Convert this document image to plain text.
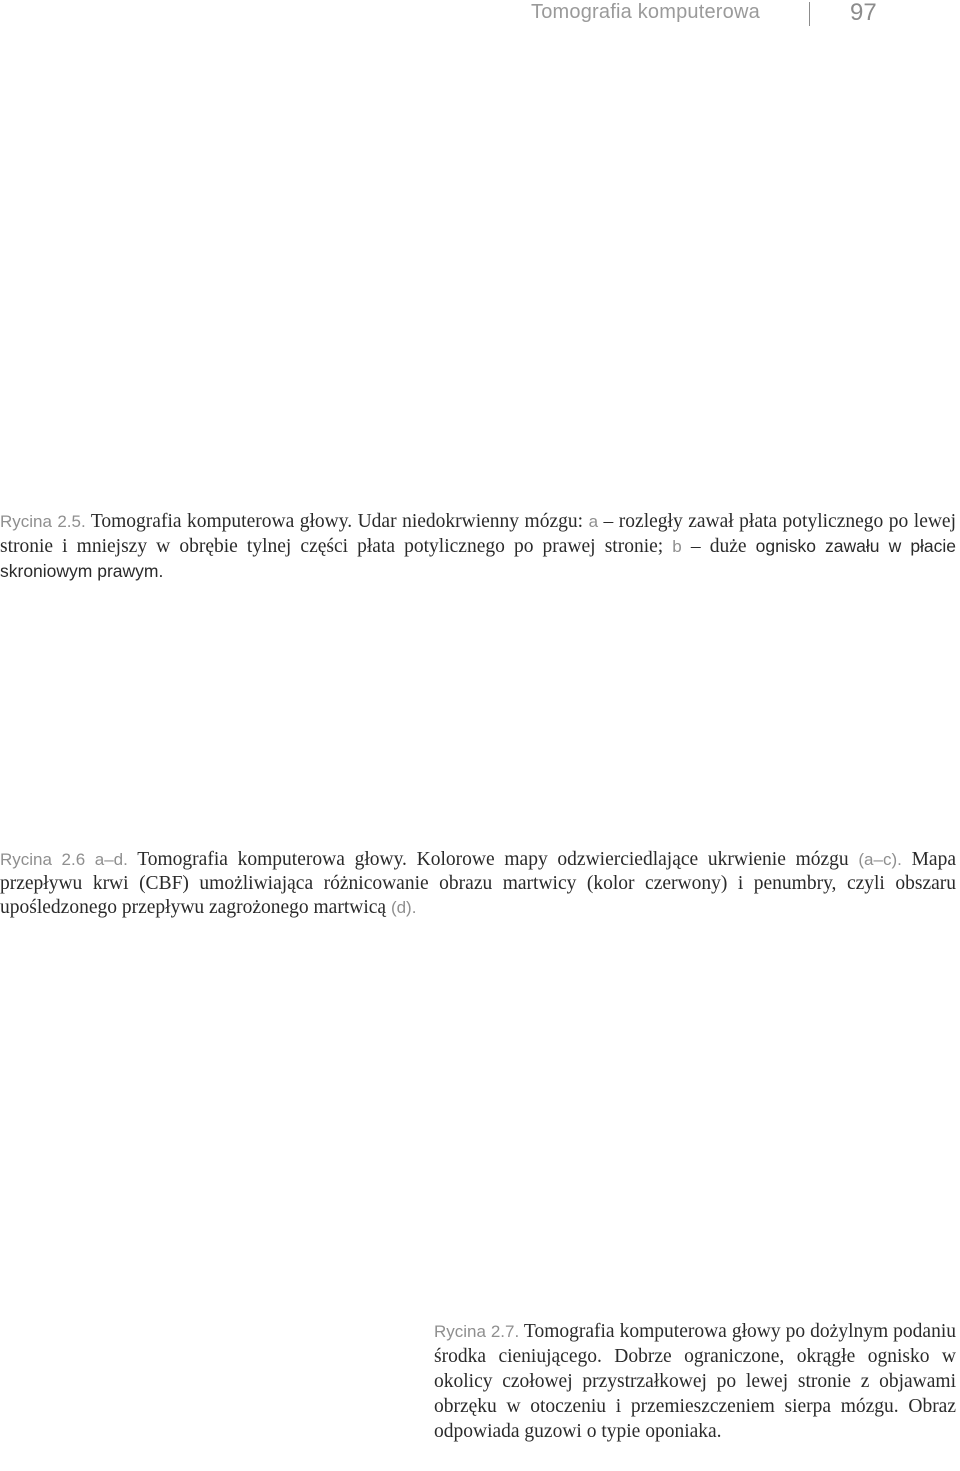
Tomografia komputerowa	97

Rycina 2.5. Tomografia komputerowa głowy. Udar niedokrwienny mózgu: a – rozległy zawał płata potylicznego po lewej stronie i mniejszy w obrębie tylnej części płata potylicznego po prawej stronie; b – duże ognisko zawału w płacie skroniowym prawym.

Rycina 2.6 a–d. Tomografia komputerowa głowy. Kolorowe mapy odzwierciedlające ukrwienie mózgu (a–c). Mapa przepływu krwi (CBF) umożliwiająca różnicowanie obrazu martwicy (kolor czerwony) i penumbry, czyli obszaru upośledzonego przepływu zagrożonego martwicą (d).

Rycina 2.7. Tomografia komputerowa głowy po dożylnym podaniu środka cieniującego. Dobrze ograniczone, okrągłe ognisko w okolicy czołowej przystrzałkowej po lewej stronie z objawami obrzęku w otoczeniu i przemieszczeniem sierpa mózgu. Obraz odpowiada guzowi o typie oponiaka.
